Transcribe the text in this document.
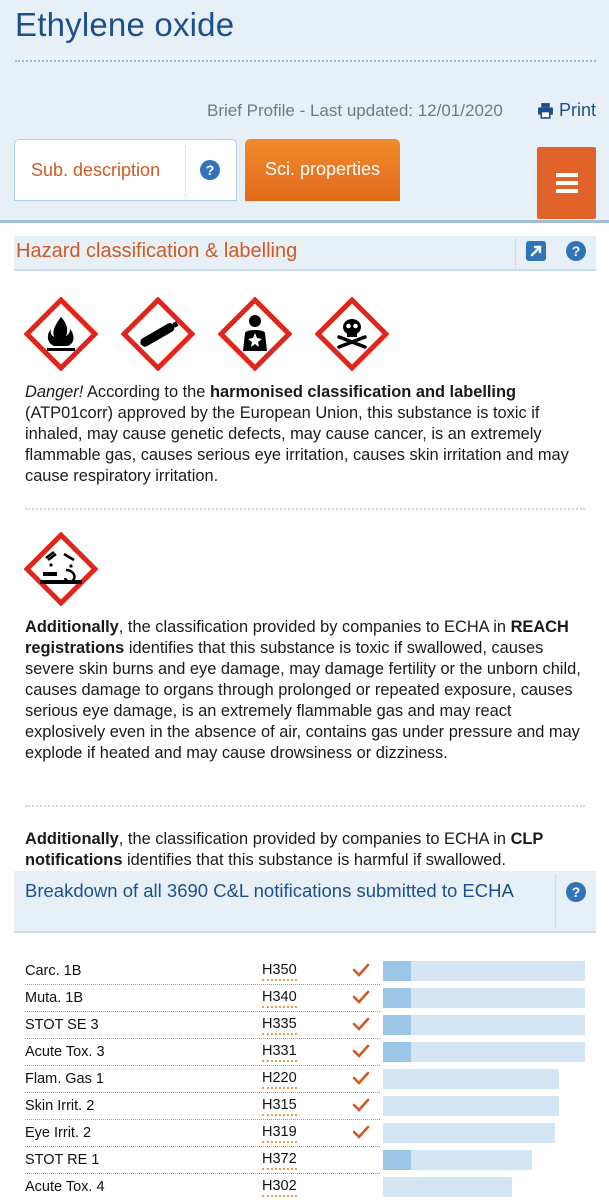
Ethylene oxide
Brief Profile - Last updated: 12/01/2020	Print
Sub. description	?	Sci. properties
Hazard classification & labelling	?
Danger! According to the harmonised classification and labelling (ATP01corr) approved by the European Union, this substance is toxic if inhaled, may cause genetic defects, may cause cancer, is an extremely flammable gas, causes serious eye irritation, causes skin irritation and may cause respiratory irritation.
Additionally, the classification provided by companies to ECHA in REACH registrations identifies that this substance is toxic if swallowed, causes severe skin burns and eye damage, may damage fertility or the unborn child, causes damage to organs through prolonged or repeated exposure, causes serious eye damage, is an extremely flammable gas and may react explosively even in the absence of air, contains gas under pressure and may explode if heated and may cause drowsiness or dizziness.
Additionally, the classification provided by companies to ECHA in CLP notifications identifies that this substance is harmful if swallowed.
Breakdown of all 3690 C&L notifications submitted to ECHA	?
Carc. 1B	H350
Muta. 1B	H340
STOT SE 3	H335
Acute Tox. 3	H331
Flam. Gas 1	H220
Skin Irrit. 2	H315
Eye Irrit. 2	H319
STOT RE 1	H372
Acute Tox. 4	H302
